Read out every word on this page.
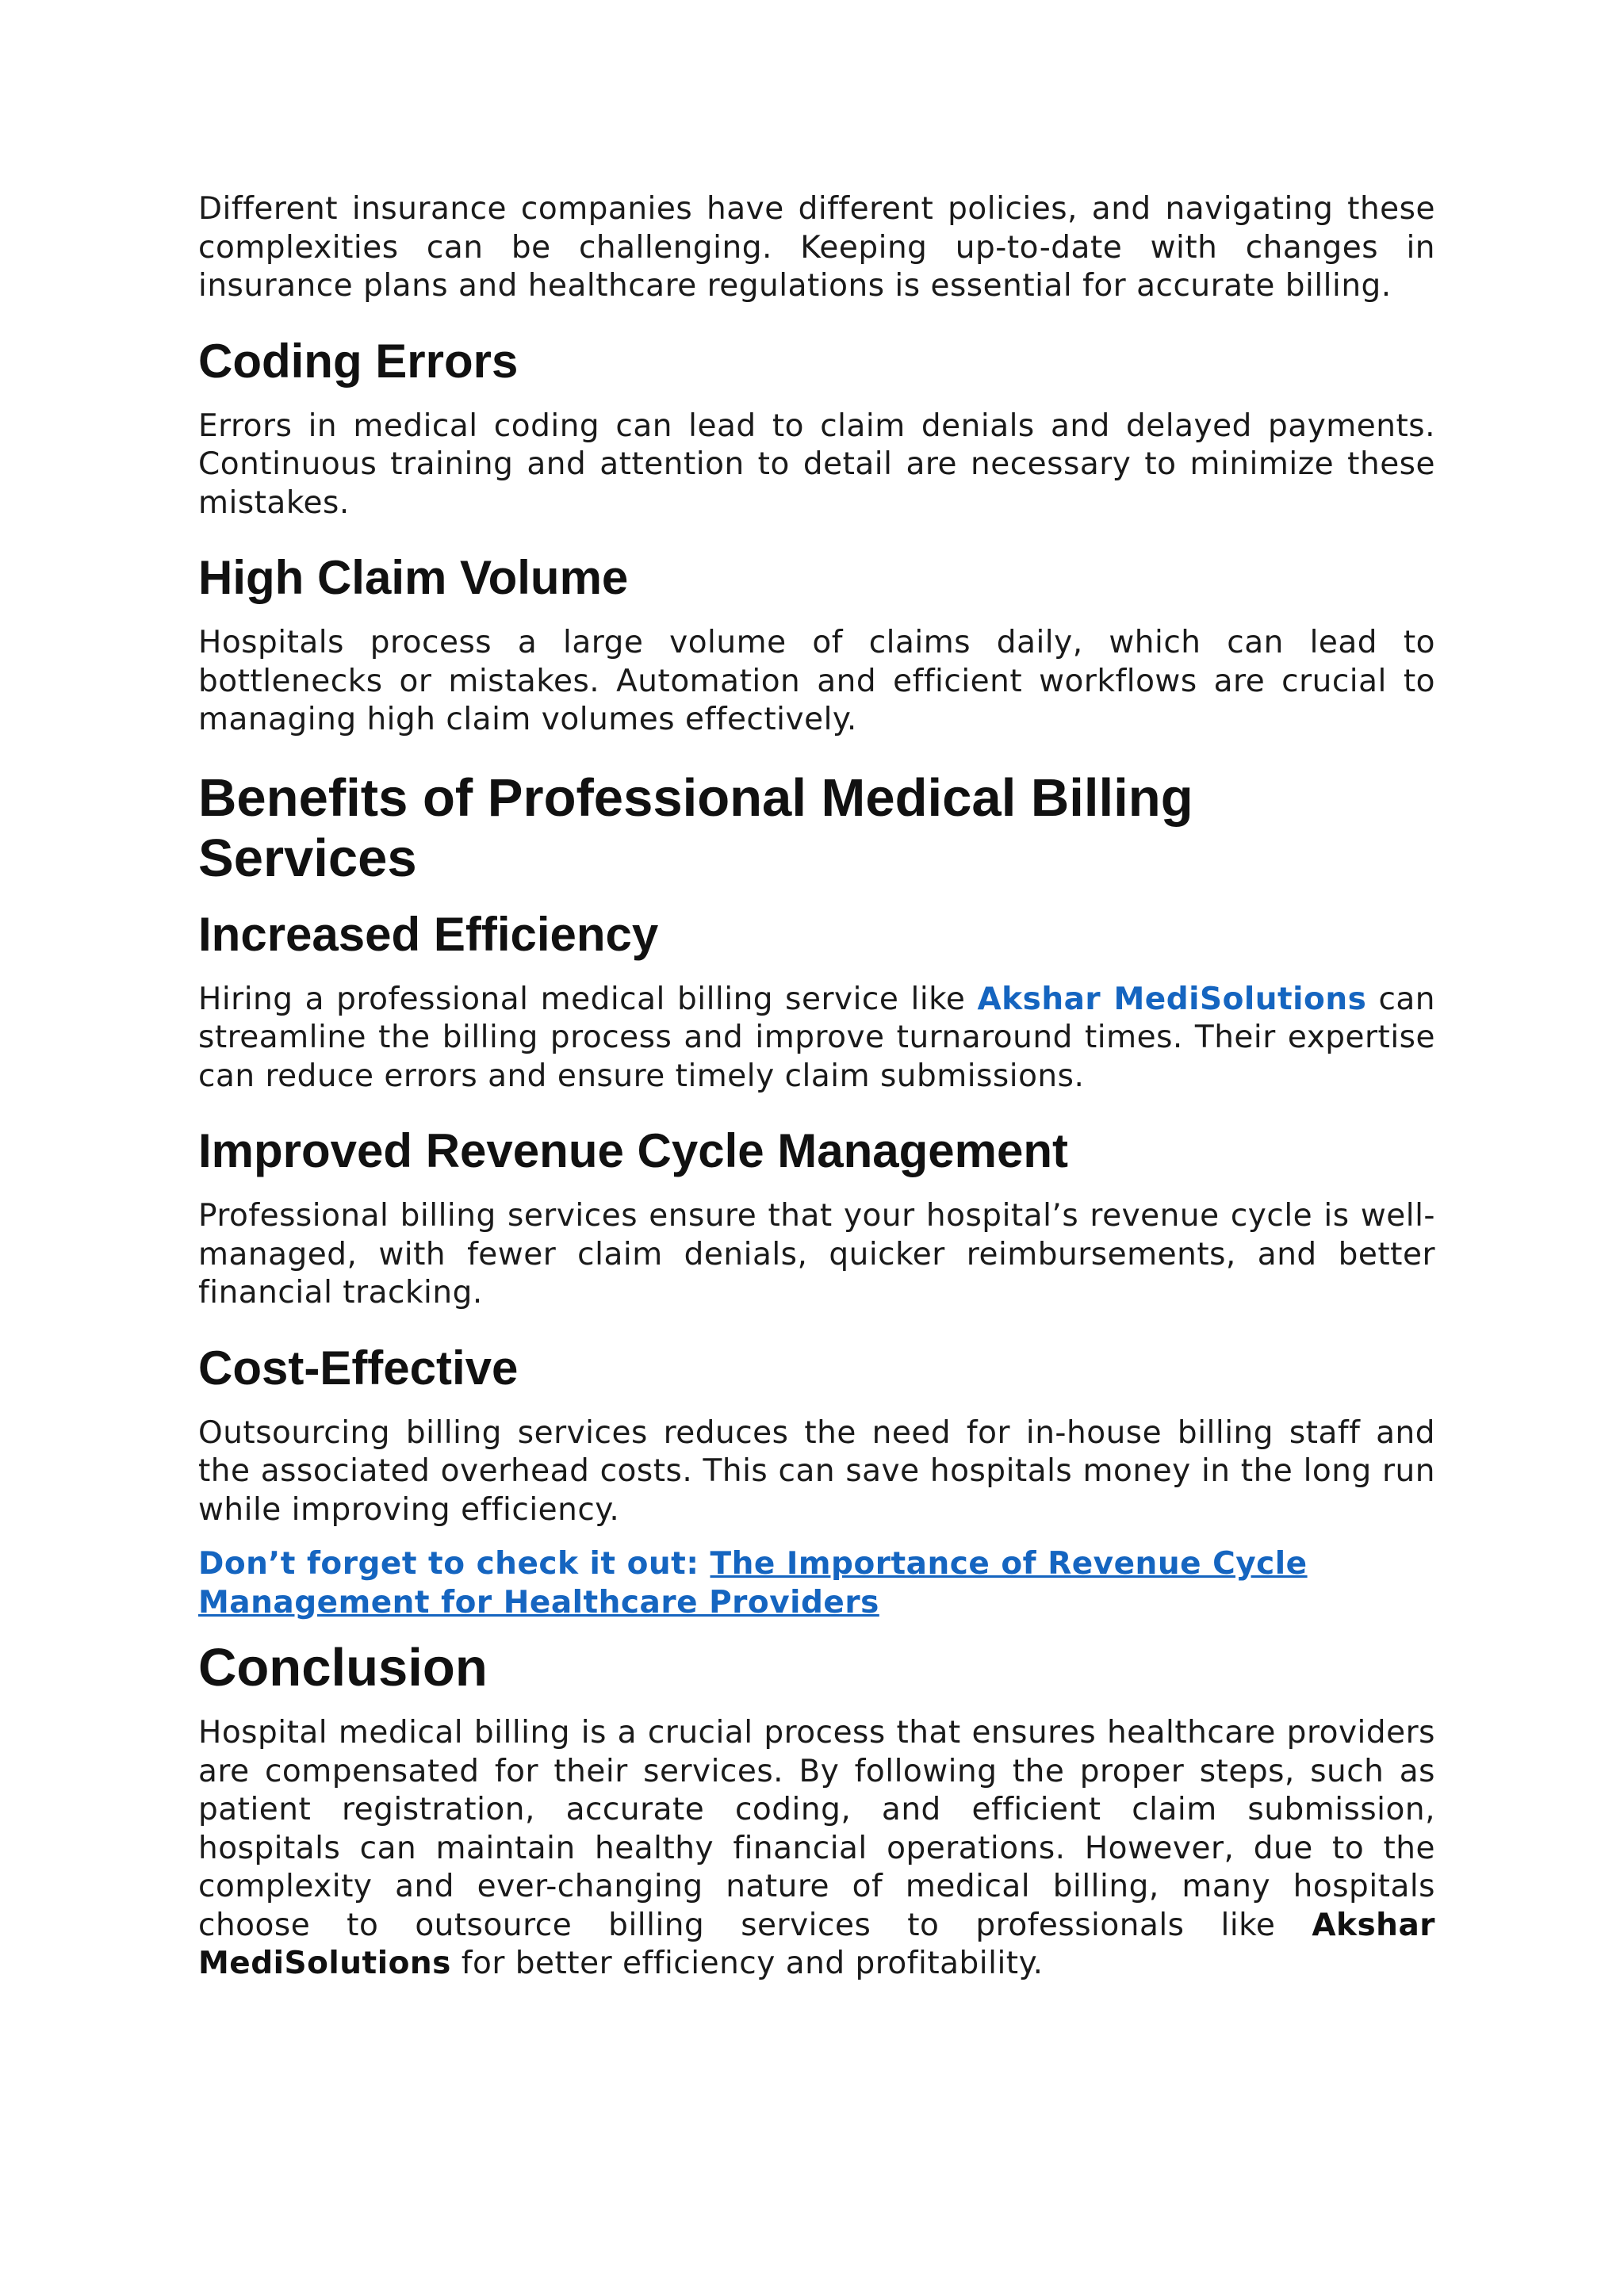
Different insurance companies have different policies, and navigating these complexities can be challenging. Keeping up-to-date with changes in insurance plans and healthcare regulations is essential for accurate billing.

Coding Errors

Errors in medical coding can lead to claim denials and delayed payments. Continuous training and attention to detail are necessary to minimize these mistakes.

High Claim Volume

Hospitals process a large volume of claims daily, which can lead to bottlenecks or mistakes. Automation and efficient workflows are crucial to managing high claim volumes effectively.

Benefits of Professional Medical Billing Services
Increased Efficiency

Hiring a professional medical billing service like Akshar MediSolutions can streamline the billing process and improve turnaround times. Their expertise can reduce errors and ensure timely claim submissions.

Improved Revenue Cycle Management

Professional billing services ensure that your hospital’s revenue cycle is well-managed, with fewer claim denials, quicker reimbursements, and better financial tracking.

Cost-Effective

Outsourcing billing services reduces the need for in-house billing staff and the associated overhead costs. This can save hospitals money in the long run while improving efficiency.

Don’t forget to check it out: The Importance of Revenue Cycle Management for Healthcare Providers

Conclusion

Hospital medical billing is a crucial process that ensures healthcare providers are compensated for their services. By following the proper steps, such as patient registration, accurate coding, and efficient claim submission, hospitals can maintain healthy financial operations. However, due to the complexity and ever-changing nature of medical billing, many hospitals choose to outsource billing services to professionals like Akshar MediSolutions for better efficiency and profitability.
